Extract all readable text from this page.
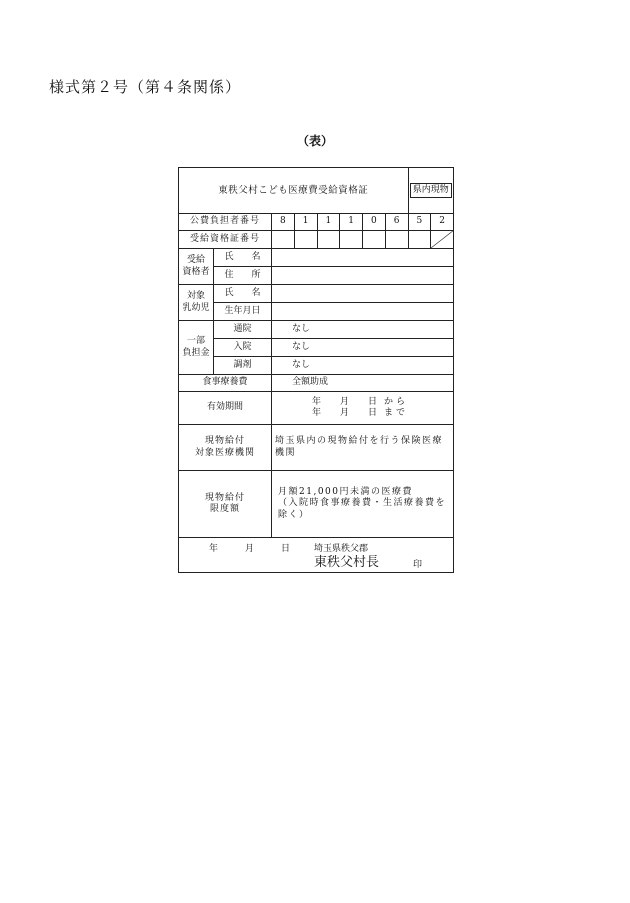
様式第２号（第４条関係）
（表）
東秩父村こども医療費受給資格証								県内現物	
公費負担者番号		8	1	1	1	0	6	5	2
受給資格証番号								

受給
資格者	氏　　名								
	住　　所								
対象
乳幼児	氏　　名								
	生年月日								
一部
負担金	通院	なし							
	入院	なし							
	調剤	なし							
食事療養費		全額助成							
有効期間		年 月 日 から
年 月 日 まで							

現物給付
対象医療機関		埼玉県内の現物給付を行う保険医療機関							
現物給付
限度額		月額21,000円未満の医療費
（入院時食事療養費・生活療養費を除く）							

年 月 日 埼玉県秩父郡
東秩父村長 印									
